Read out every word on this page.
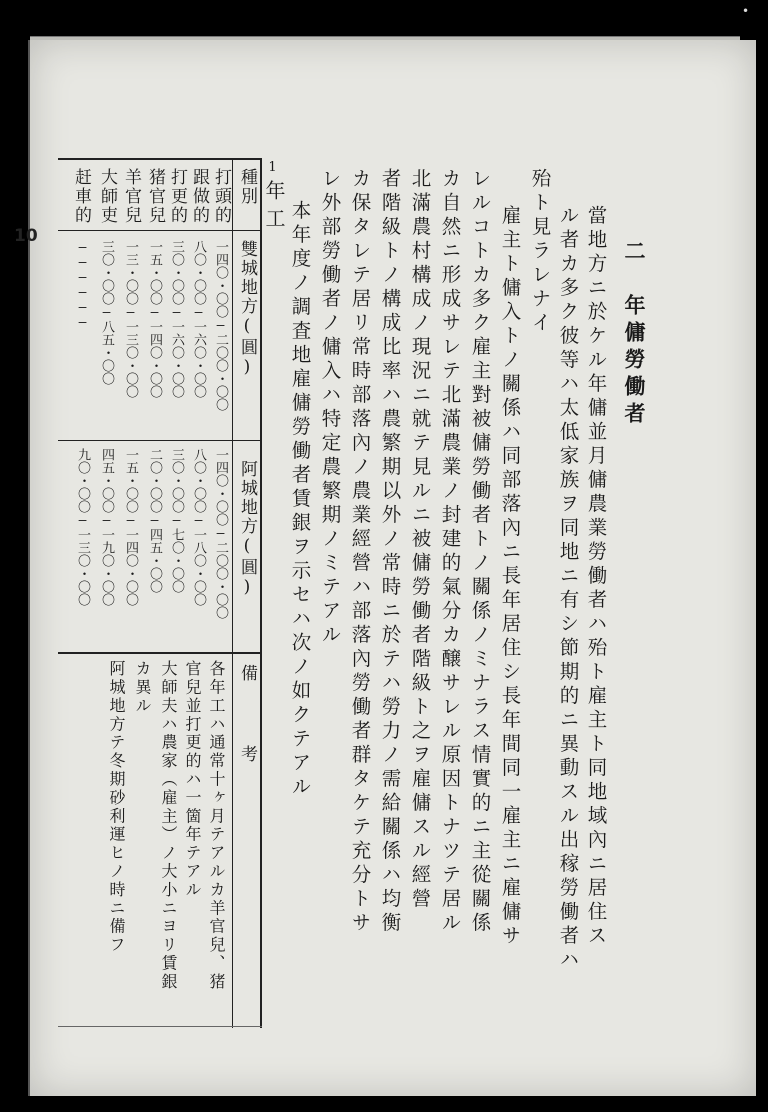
•
10
二　年傭勞働者
當地方ニ於ケル年傭並月傭農業勞働者ハ殆ト雇主ト同地域內ニ居住ス
ル者カ多ク彼等ハ太低家族ヲ同地ニ有シ節期的ニ異動スル出稼勞働者ハ
殆ト見ラレナイ
雇主ト傭入トノ關係ハ同部落內ニ長年居住シ長年間同一雇主ニ雇傭サ
レルコトカ多ク雇主對被傭勞働者トノ關係ノミナラス情實的ニ主從關係
カ自然ニ形成サレテ北滿農業ノ封建的氣分カ醸サレル原因トナツテ居ル
北滿農村構成ノ現況ニ就テ見ルニ被傭勞働者階級ト之ヲ雇傭スル經營
者階級トノ構成比率ハ農繁期以外ノ常時ニ於テハ勞力ノ需給關係ハ均衡
カ保タレテ居リ常時部落內ノ農業經營ハ部落內勞働者群タケテ充分トサ
レ外部勞働者ノ傭入ハ特定農繁期ノミテアル
本年度ノ調査地雇傭勞働者賃銀ヲ示セハ次ノ如クテアル
1
年工
種別
雙城地方(圓)
阿城地方(圓)
備　　考
打頭的
一四〇・〇〇―二〇〇・〇〇
一四〇・〇〇―二〇〇・〇〇
跟做的
八〇・〇〇―一六〇・〇〇
八〇・〇〇―一八〇・〇〇
打更的
三〇・〇〇―一六〇・〇〇
三〇・〇〇―七〇・〇〇
猪官兒
一五・〇〇―一四〇・〇〇
二〇・〇〇―四五・〇〇
羊官兒
一三・〇〇―一三〇・〇〇
一五・〇〇―一四〇・〇〇
大師吏
三〇・〇〇―八五・〇〇
四五・〇〇―一九〇・〇〇
赶車的
――――――
九〇・〇〇―一三〇・〇〇
各年工ハ通常十ヶ月テアルカ羊官兒、猪
官兒並打更的ハ一箇年テアル
大師夫ハ農家（雇主）ノ大小ニヨリ賃銀
カ異ル
阿城地方テ冬期砂利運ヒノ時ニ備フ
